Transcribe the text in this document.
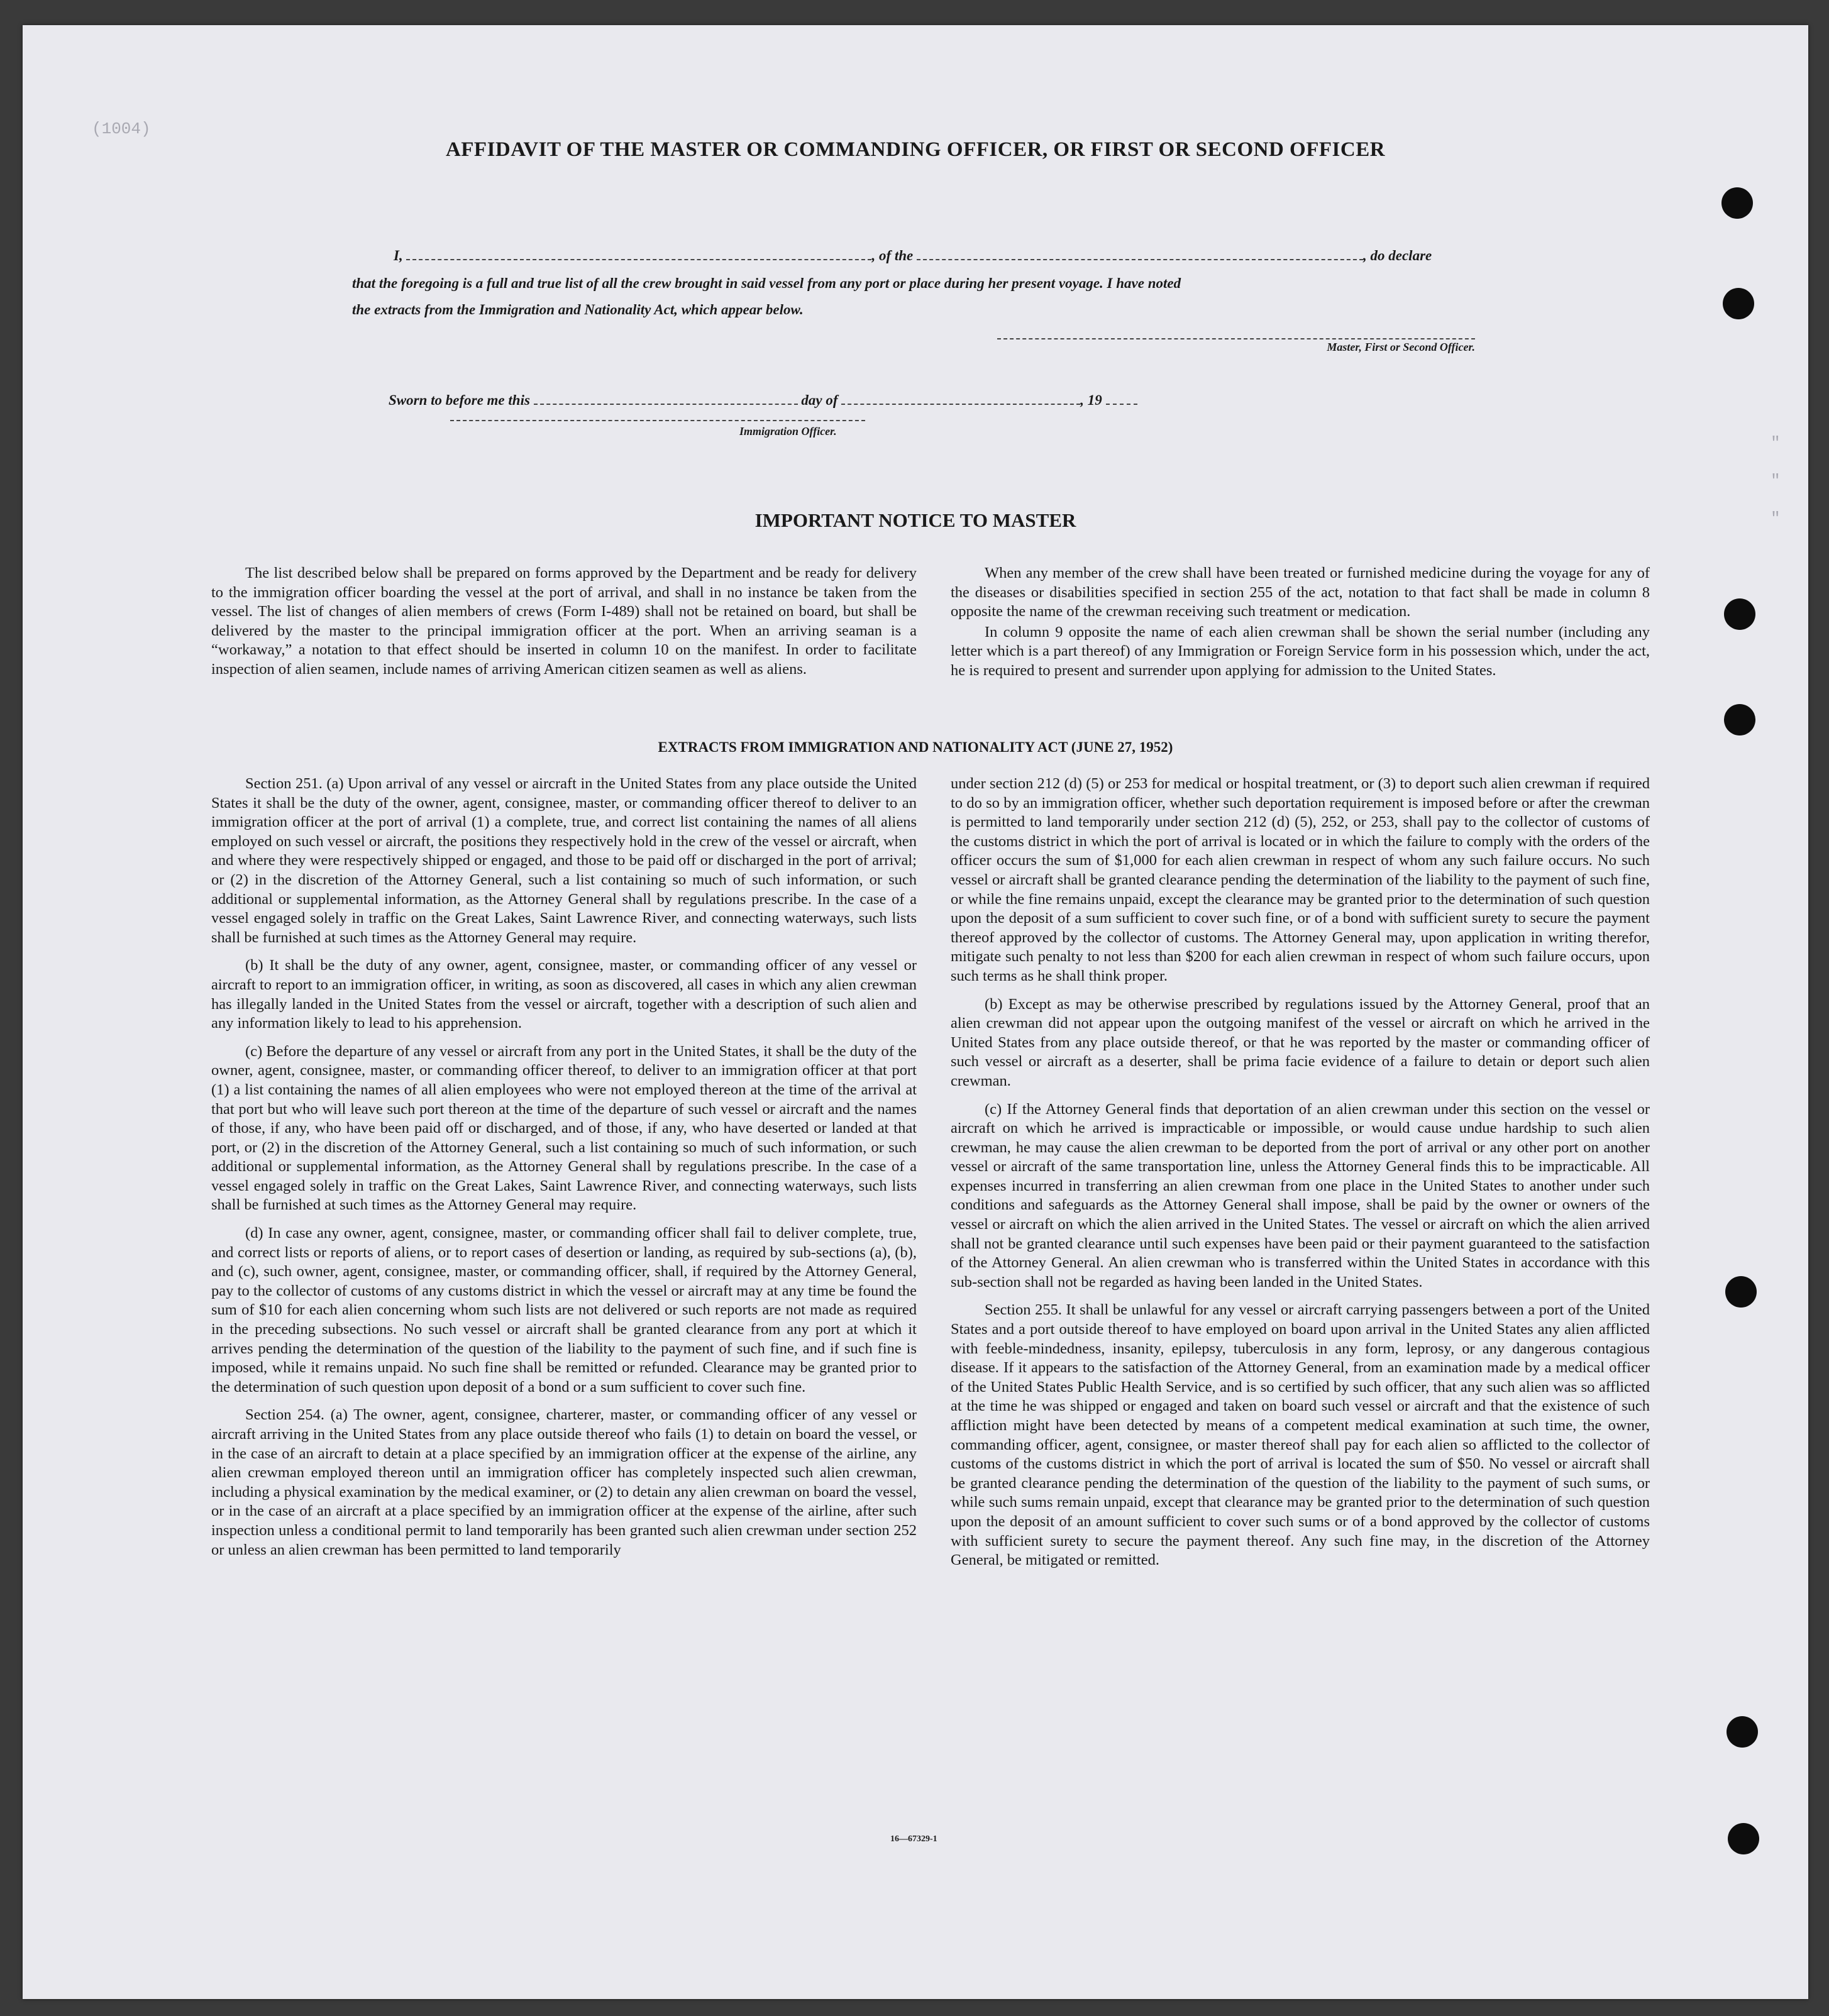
(1004)
"
"
"
AFFIDAVIT OF THE MASTER OR COMMANDING OFFICER, OR FIRST OR SECOND OFFICER
I,	, of the	, do declare
that the foregoing is a full and true list of all the crew brought in said vessel from any port or place during her present voyage. I have noted
the extracts from the Immigration and Nationality Act, which appear below.
Master, First or Second Officer.
Sworn to before me this	day of	, 19
Immigration Officer.
IMPORTANT NOTICE TO MASTER

The list described below shall be prepared on forms approved by the Department and be ready for delivery to the immigration officer boarding the vessel at the port of arrival, and shall in no instance be taken from the vessel. The list of changes of alien members of crews (Form I-489) shall not be retained on board, but shall be delivered by the master to the principal immigration officer at the port. When an arriving seaman is a “workaway,” a notation to that effect should be inserted in column 10 on the manifest. In order to facilitate inspection of alien seamen, include names of arriving American citizen seamen as well as aliens.

When any member of the crew shall have been treated or furnished medicine during the voyage for any of the diseases or disabilities specified in section 255 of the act, notation to that fact shall be made in column 8 opposite the name of the crewman receiving such treatment or medication.

In column 9 opposite the name of each alien crewman shall be shown the serial number (including any letter which is a part thereof) of any Immigration or Foreign Service form in his possession which, under the act, he is required to present and surrender upon applying for admission to the United States.

EXTRACTS FROM IMMIGRATION AND NATIONALITY ACT (JUNE 27, 1952)

Section 251. (a) Upon arrival of any vessel or aircraft in the United States from any place outside the United States it shall be the duty of the owner, agent, consignee, master, or commanding officer thereof to deliver to an immigration officer at the port of arrival (1) a complete, true, and correct list containing the names of all aliens employed on such vessel or aircraft, the positions they respectively hold in the crew of the vessel or aircraft, when and where they were respectively shipped or engaged, and those to be paid off or discharged in the port of arrival; or (2) in the discretion of the Attorney General, such a list containing so much of such information, or such additional or supplemental information, as the Attorney General shall by regulations prescribe. In the case of a vessel engaged solely in traffic on the Great Lakes, Saint Lawrence River, and connecting waterways, such lists shall be furnished at such times as the Attorney General may require.

(b) It shall be the duty of any owner, agent, consignee, master, or commanding officer of any vessel or aircraft to report to an immigration officer, in writing, as soon as discovered, all cases in which any alien crewman has illegally landed in the United States from the vessel or aircraft, together with a description of such alien and any information likely to lead to his apprehension.

(c) Before the departure of any vessel or aircraft from any port in the United States, it shall be the duty of the owner, agent, consignee, master, or commanding officer thereof, to deliver to an immigration officer at that port (1) a list containing the names of all alien employees who were not employed thereon at the time of the arrival at that port but who will leave such port thereon at the time of the departure of such vessel or aircraft and the names of those, if any, who have been paid off or discharged, and of those, if any, who have deserted or landed at that port, or (2) in the discretion of the Attorney General, such a list containing so much of such information, or such additional or supplemental information, as the Attorney General shall by regulations prescribe. In the case of a vessel engaged solely in traffic on the Great Lakes, Saint Lawrence River, and connecting waterways, such lists shall be furnished at such times as the Attorney General may require.

(d) In case any owner, agent, consignee, master, or commanding officer shall fail to deliver complete, true, and correct lists or reports of aliens, or to report cases of desertion or landing, as required by sub-sections (a), (b), and (c), such owner, agent, consignee, master, or commanding officer, shall, if required by the Attorney General, pay to the collector of customs of any customs district in which the vessel or aircraft may at any time be found the sum of $10 for each alien concerning whom such lists are not delivered or such reports are not made as required in the preceding subsections. No such vessel or aircraft shall be granted clearance from any port at which it arrives pending the determination of the question of the liability to the payment of such fine, and if such fine is imposed, while it remains unpaid. No such fine shall be remitted or refunded. Clearance may be granted prior to the determination of such question upon deposit of a bond or a sum sufficient to cover such fine.

Section 254. (a) The owner, agent, consignee, charterer, master, or commanding officer of any vessel or aircraft arriving in the United States from any place outside thereof who fails (1) to detain on board the vessel, or in the case of an aircraft to detain at a place specified by an immigration officer at the expense of the airline, any alien crewman employed thereon until an immigration officer has completely inspected such alien crewman, including a physical examination by the medical examiner, or (2) to detain any alien crewman on board the vessel, or in the case of an aircraft at a place specified by an immigration officer at the expense of the airline, after such inspection unless a conditional permit to land temporarily has been granted such alien crewman under section 252 or unless an alien crewman has been permitted to land temporarily

under section 212 (d) (5) or 253 for medical or hospital treatment, or (3) to deport such alien crewman if required to do so by an immigration officer, whether such deportation requirement is imposed before or after the crewman is permitted to land temporarily under section 212 (d) (5), 252, or 253, shall pay to the collector of customs of the customs district in which the port of arrival is located or in which the failure to comply with the orders of the officer occurs the sum of $1,000 for each alien crewman in respect of whom any such failure occurs. No such vessel or aircraft shall be granted clearance pending the determination of the liability to the payment of such fine, or while the fine remains unpaid, except the clearance may be granted prior to the determination of such question upon the deposit of a sum sufficient to cover such fine, or of a bond with sufficient surety to secure the payment thereof approved by the collector of customs. The Attorney General may, upon application in writing therefor, mitigate such penalty to not less than $200 for each alien crewman in respect of whom such failure occurs, upon such terms as he shall think proper.

(b) Except as may be otherwise prescribed by regulations issued by the Attorney General, proof that an alien crewman did not appear upon the outgoing manifest of the vessel or aircraft on which he arrived in the United States from any place outside thereof, or that he was reported by the master or commanding officer of such vessel or aircraft as a deserter, shall be prima facie evidence of a failure to detain or deport such alien crewman.

(c) If the Attorney General finds that deportation of an alien crewman under this section on the vessel or aircraft on which he arrived is impracticable or impossible, or would cause undue hardship to such alien crewman, he may cause the alien crewman to be deported from the port of arrival or any other port on another vessel or aircraft of the same transportation line, unless the Attorney General finds this to be impracticable. All expenses incurred in transferring an alien crewman from one place in the United States to another under such conditions and safeguards as the Attorney General shall impose, shall be paid by the owner or owners of the vessel or aircraft on which the alien arrived in the United States. The vessel or aircraft on which the alien arrived shall not be granted clearance until such expenses have been paid or their payment guaranteed to the satisfaction of the Attorney General. An alien crewman who is transferred within the United States in accordance with this sub-section shall not be regarded as having been landed in the United States.

Section 255. It shall be unlawful for any vessel or aircraft carrying passengers between a port of the United States and a port outside thereof to have employed on board upon arrival in the United States any alien afflicted with feeble-mindedness, insanity, epilepsy, tuberculosis in any form, leprosy, or any dangerous contagious disease. If it appears to the satisfaction of the Attorney General, from an examination made by a medical officer of the United States Public Health Service, and is so certified by such officer, that any such alien was so afflicted at the time he was shipped or engaged and taken on board such vessel or aircraft and that the existence of such affliction might have been detected by means of a competent medical examination at such time, the owner, commanding officer, agent, consignee, or master thereof shall pay for each alien so afflicted to the collector of customs of the customs district in which the port of arrival is located the sum of $50. No vessel or aircraft shall be granted clearance pending the determination of the question of the liability to the payment of such sums, or while such sums remain unpaid, except that clearance may be granted prior to the determination of such question upon the deposit of an amount sufficient to cover such sums or of a bond approved by the collector of customs with sufficient surety to secure the payment thereof. Any such fine may, in the discretion of the Attorney General, be mitigated or remitted.

16—67329-1
